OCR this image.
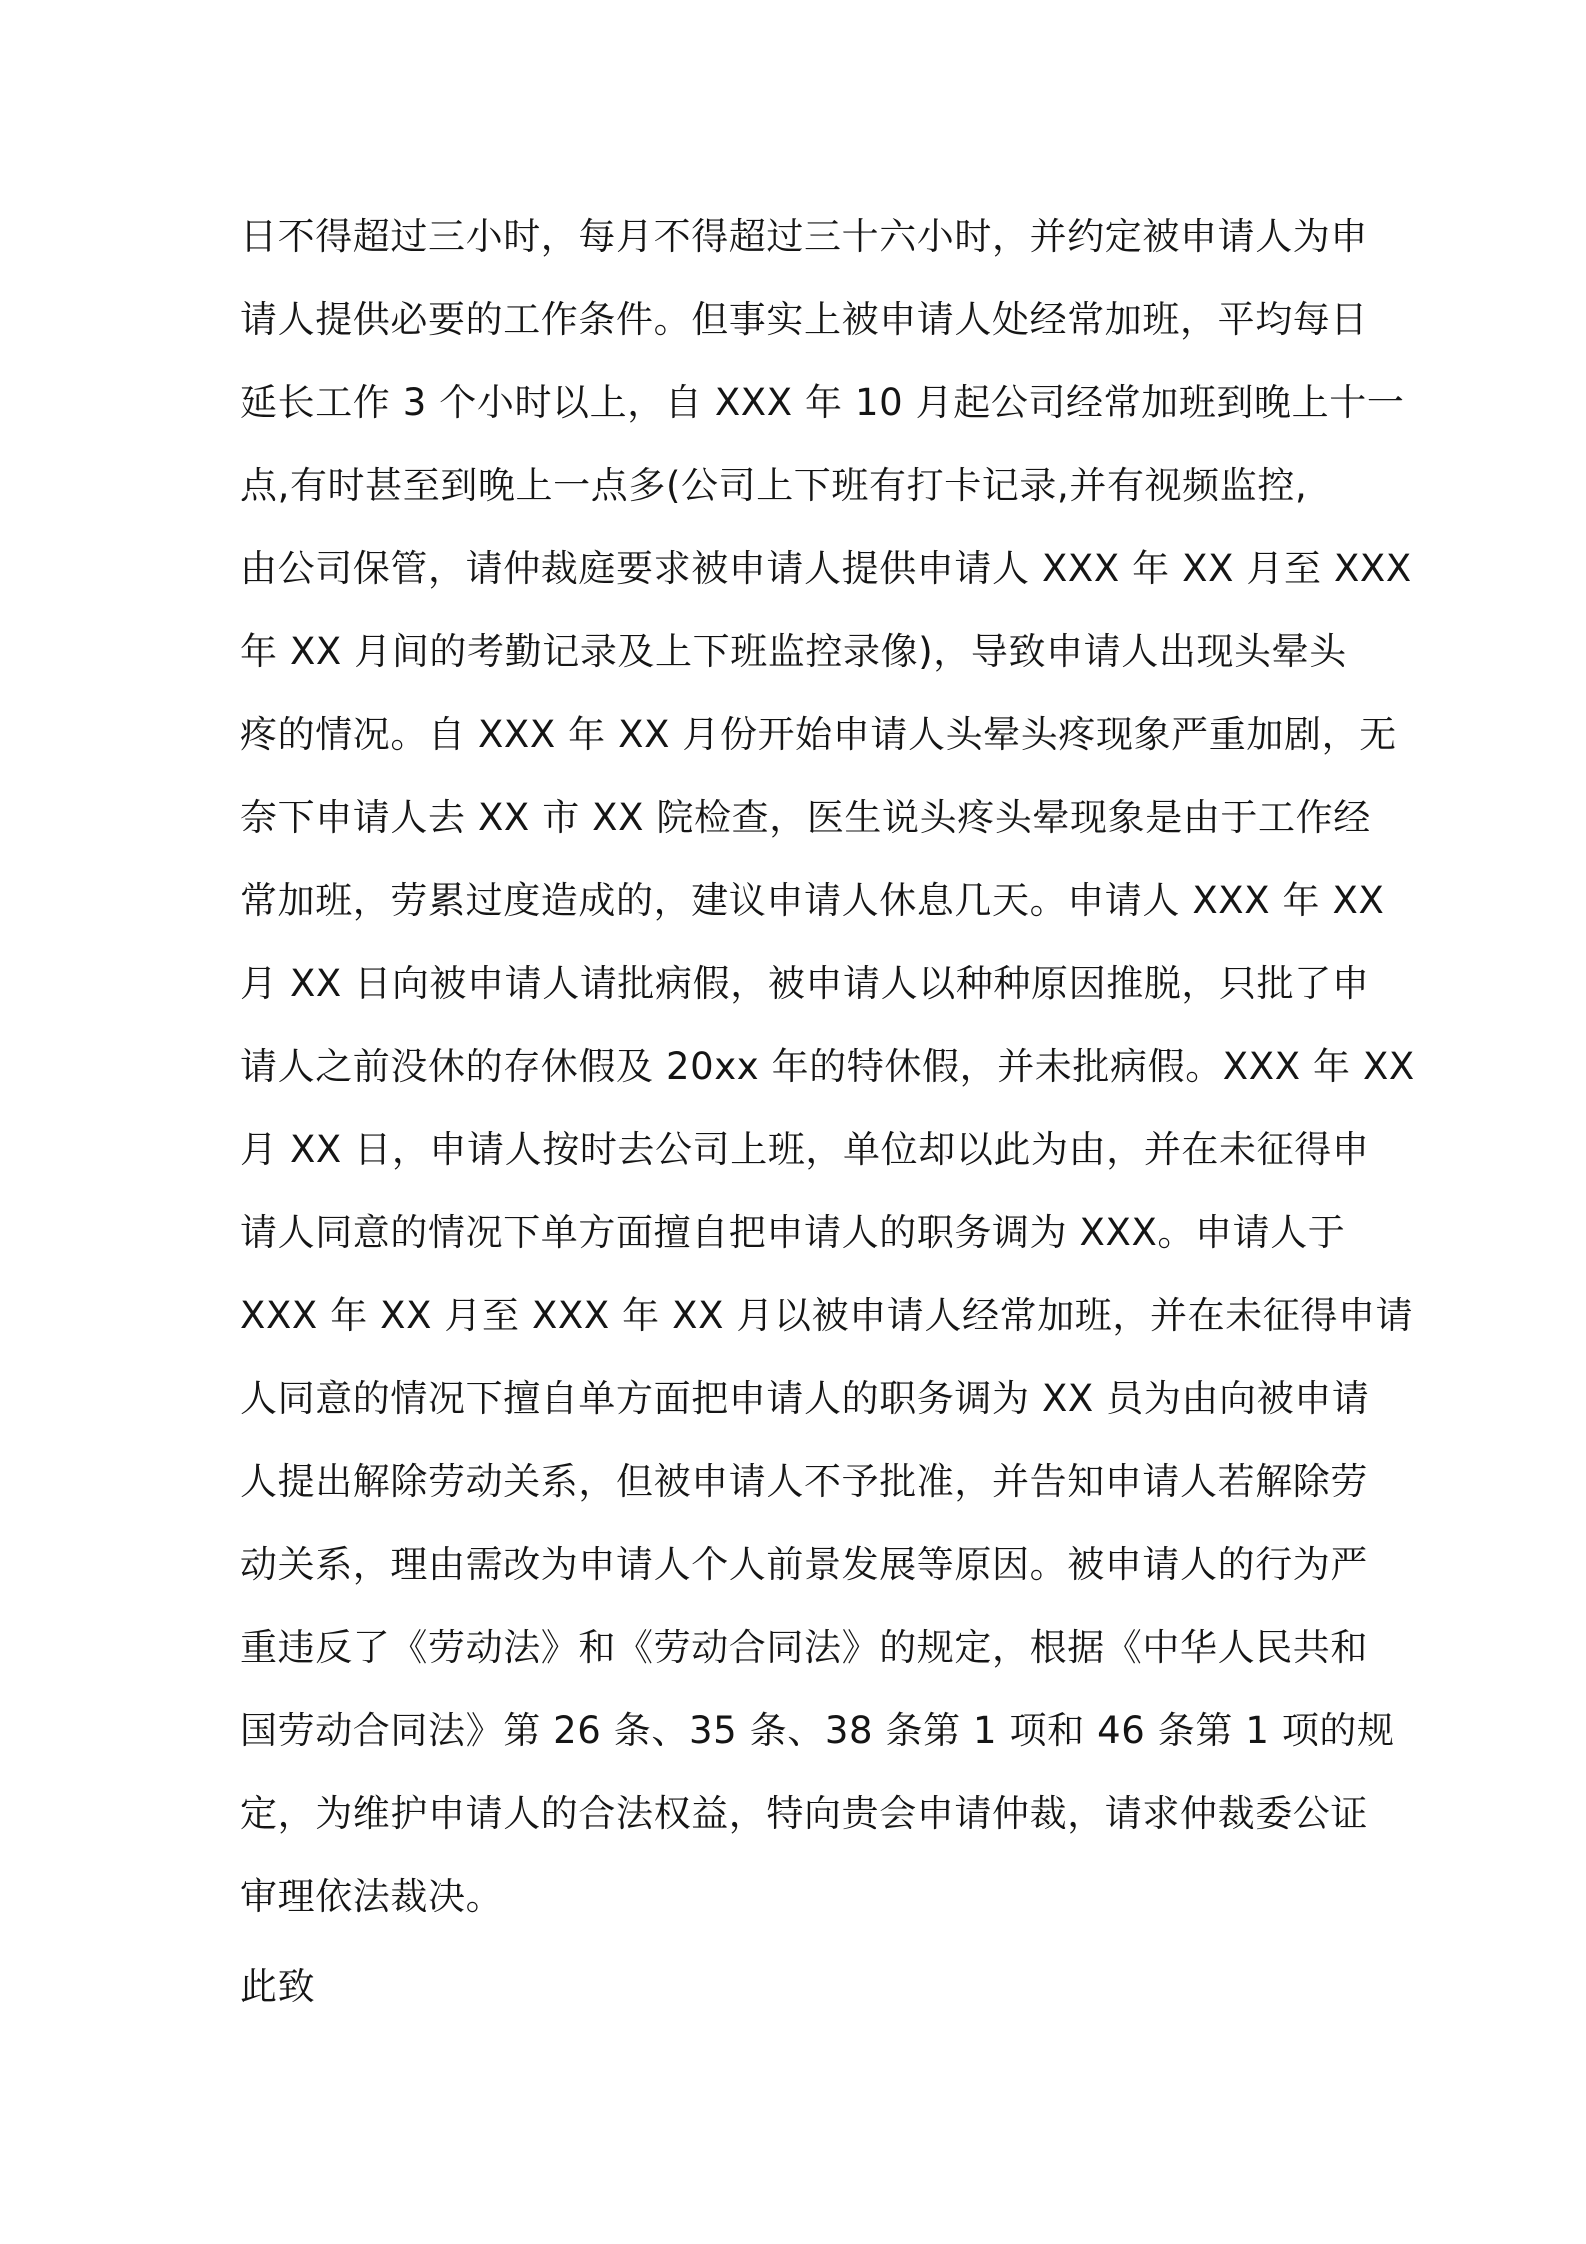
日不得超过三小时，每月不得超过三十六小时，并约定被申请人为申
请人提供必要的工作条件。但事实上被申请人处经常加班，平均每日
延长工作 3 个小时以上，自 XXX 年 10 月起公司经常加班到晚上十一
点,有时甚至到晚上一点多(公司上下班有打卡记录,并有视频监控,
由公司保管，请仲裁庭要求被申请人提供申请人 XXX 年 XX 月至 XXX
年 XX 月间的考勤记录及上下班监控录像)，导致申请人出现头晕头
疼的情况。自 XXX 年 XX 月份开始申请人头晕头疼现象严重加剧，无
奈下申请人去 XX 市 XX 院检查，医生说头疼头晕现象是由于工作经
常加班，劳累过度造成的，建议申请人休息几天。申请人 XXX 年 XX
月 XX 日向被申请人请批病假，被申请人以种种原因推脱，只批了申
请人之前没休的存休假及 20xx 年的特休假，并未批病假。XXX 年 XX
月 XX 日，申请人按时去公司上班，单位却以此为由，并在未征得申
请人同意的情况下单方面擅自把申请人的职务调为 XXX。申请人于
XXX 年 XX 月至 XXX 年 XX 月以被申请人经常加班，并在未征得申请
人同意的情况下擅自单方面把申请人的职务调为 XX 员为由向被申请
人提出解除劳动关系，但被申请人不予批准，并告知申请人若解除劳
动关系，理由需改为申请人个人前景发展等原因。被申请人的行为严
重违反了《劳动法》和《劳动合同法》的规定，根据《中华人民共和
国劳动合同法》第 26 条、35 条、38 条第 1 项和 46 条第 1 项的规
定，为维护申请人的合法权益，特向贵会申请仲裁，请求仲裁委公证
审理依法裁决。
此致
